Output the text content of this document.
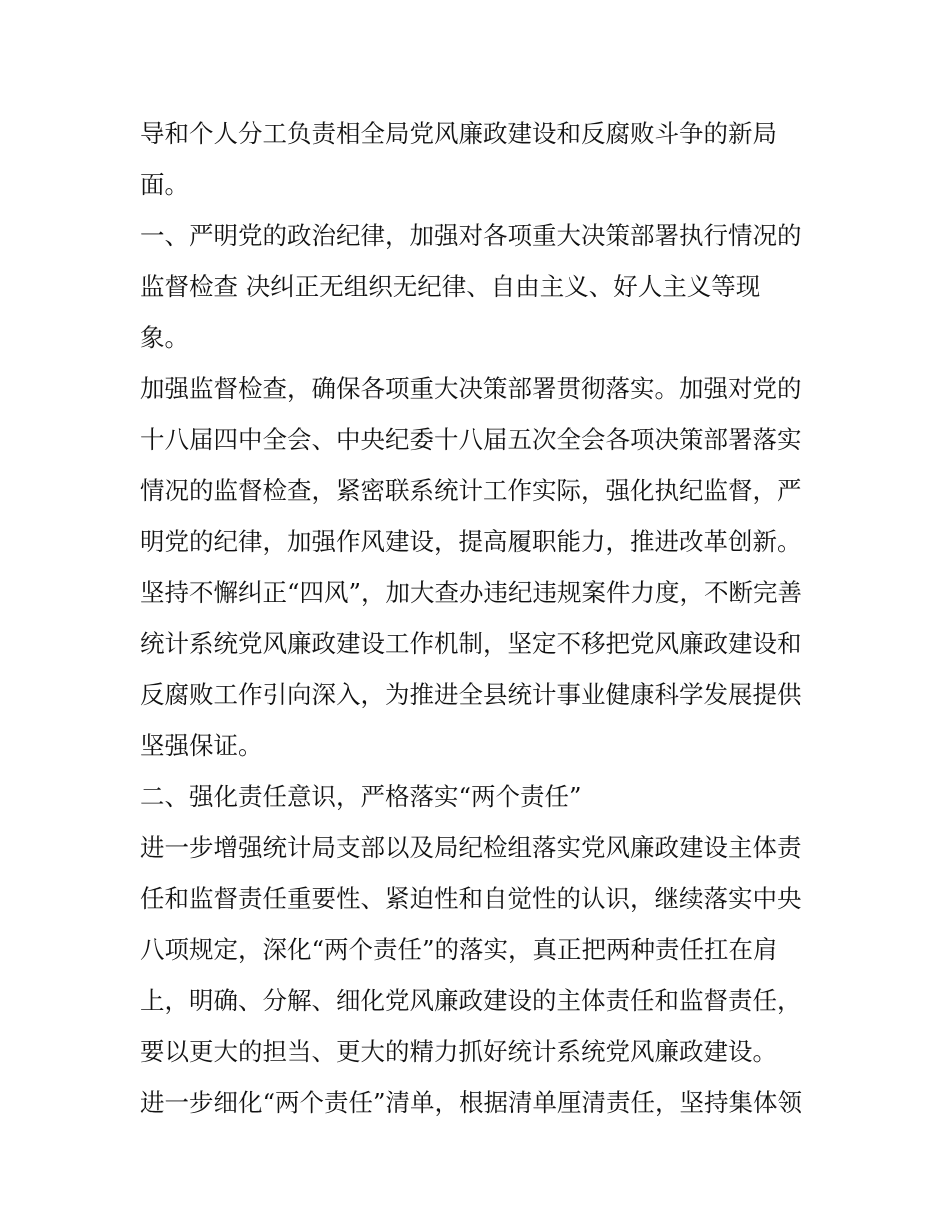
导和个人分工负责相全局党风廉政建设和反腐败斗争的新局
面。
一、严明党的政治纪律，加强对各项重大决策部署执行情况的
监督检查 决纠正无组织无纪律、自由主义、好人主义等现
象。
加强监督检查，确保各项重大决策部署贯彻落实。加强对党的
十八届四中全会、中央纪委十八届五次全会各项决策部署落实
情况的监督检查，紧密联系统计工作实际，强化执纪监督，严
明党的纪律，加强作风建设，提高履职能力，推进改革创新。
坚持不懈纠正“四风”，加大查办违纪违规案件力度，不断完善
统计系统党风廉政建设工作机制，坚定不移把党风廉政建设和
反腐败工作引向深入，为推进全县统计事业健康科学发展提供
坚强保证。
二、强化责任意识，严格落实“两个责任”
进一步增强统计局支部以及局纪检组落实党风廉政建设主体责
任和监督责任重要性、紧迫性和自觉性的认识，继续落实中央
八项规定，深化“两个责任”的落实，真正把两种责任扛在肩
上，明确、分解、细化党风廉政建设的主体责任和监督责任，
要以更大的担当、更大的精力抓好统计系统党风廉政建设。
进一步细化“两个责任”清单，根据清单厘清责任，坚持集体领
